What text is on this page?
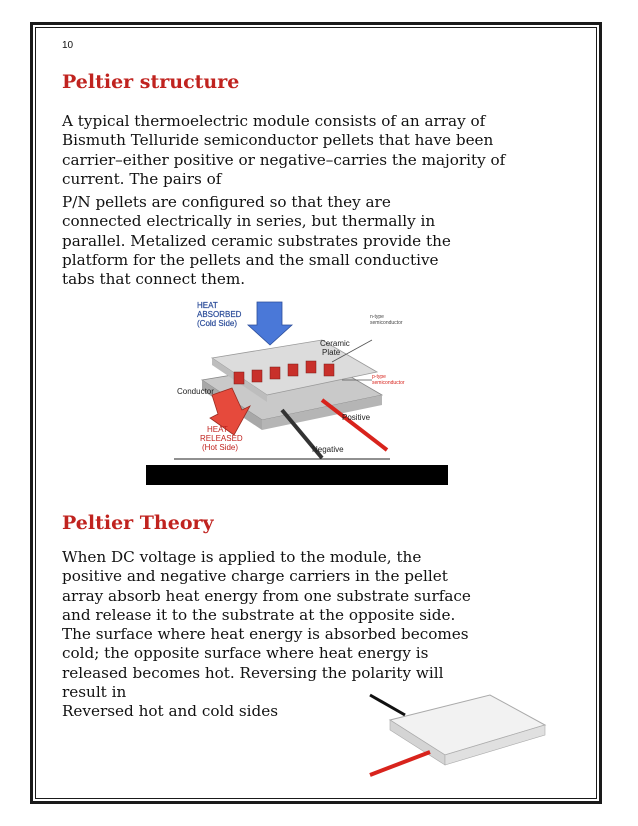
10
Peltier structure
A typical thermoelectric module consists of an array of
Bismuth Telluride semiconductor pellets that have been
carrier–either positive or negative–carries the majority of
current. The pairs of
P/N pellets are configured so that they are
connected electrically in series, but thermally in
parallel. Metalized ceramic substrates provide the
platform for the pellets and the small conductive
tabs that connect them.
HEAT
ABSORBED
(Cold Side)
Ceramic
Plate
Conductor
Positive
Negative
n-type
semiconductor
p-type
semiconductor
HEAT
RELEASED
(Hot Side)
Peltier Theory
When DC voltage is applied to the module, the
positive and negative charge carriers in the pellet
array absorb heat energy from one substrate surface
and release it to the substrate at the opposite side.
The surface where heat energy is absorbed becomes
cold; the opposite surface where heat energy is
released becomes hot. Reversing the polarity will
result in
Reversed hot and cold sides
